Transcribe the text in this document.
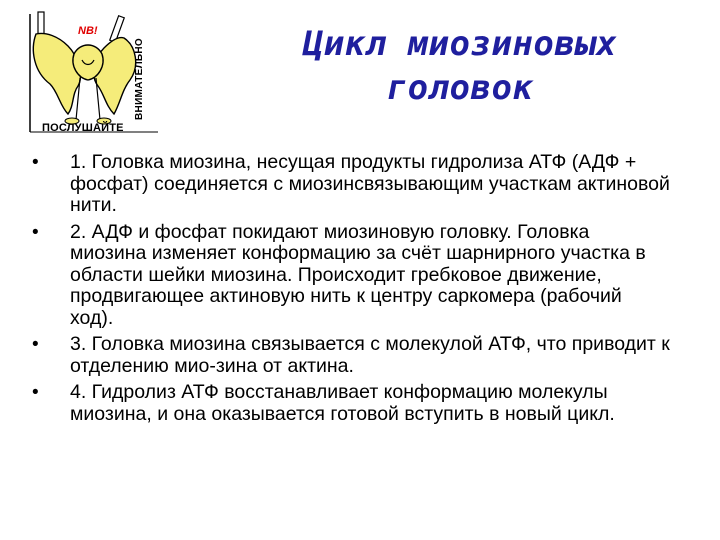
NB!
ВНИМАТЕЛЬНО
ПОСЛУШАЙТЕ
Цикл миозиновых головок
• 1. Головка миозина, несущая продукты гидролиза АТФ (АДФ + фосфат) соединяется с миозинсвязывающим участкам актиновой нити.
• 2. АДФ и фосфат покидают миозиновую головку. Головка миозина изменяет конформацию за счёт шарнирного участка в области шейки миозина. Происходит гребковое движение, продвигающее актиновую нить к центру саркомера (рабочий ход).
• 3. Головка миозина связывается с молекулой АТФ, что приводит к отделению мио-зина от актина.
• 4. Гидролиз АТФ восстанавливает конформацию молекулы миозина, и она оказывается готовой вступить в новый цикл.
